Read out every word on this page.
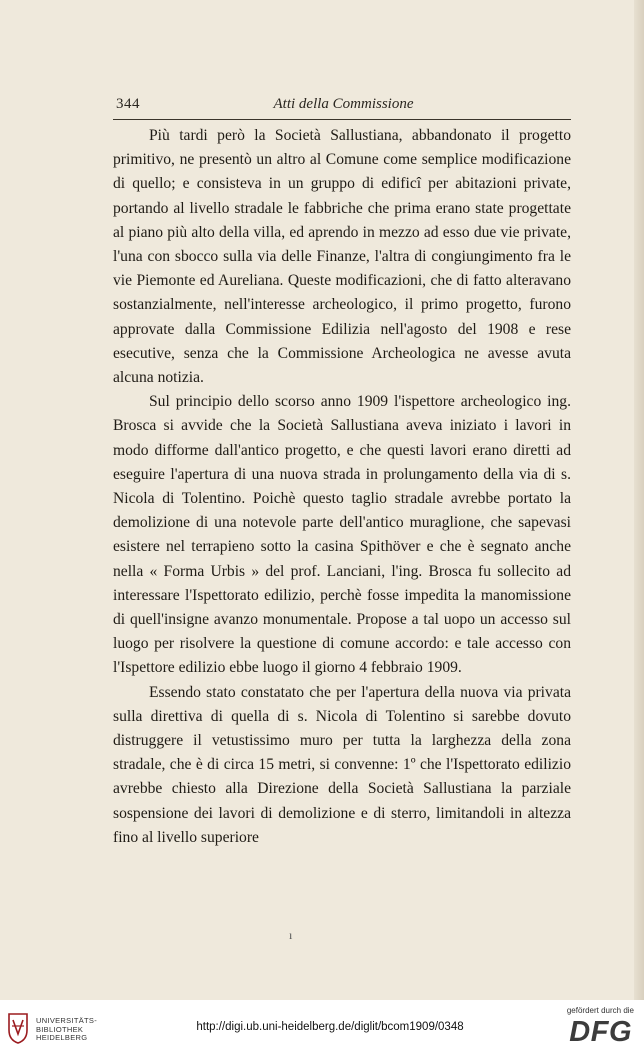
344	Atti della Commissione

Più tardi però la Società Sallustiana, abbandonato il progetto primitivo, ne presentò un altro al Comune come semplice modificazione di quello; e consisteva in un gruppo di edificî per abitazioni private, portando al livello stradale le fabbriche che prima erano state progettate al piano più alto della villa, ed aprendo in mezzo ad esso due vie private, l'una con sbocco sulla via delle Finanze, l'altra di congiungimento fra le vie Piemonte ed Aureliana. Queste modificazioni, che di fatto alteravano sostanzialmente, nell'interesse archeologico, il primo progetto, furono approvate dalla Commissione Edilizia nell'agosto del 1908 e rese esecutive, senza che la Commissione Archeologica ne avesse avuta alcuna notizia.

Sul principio dello scorso anno 1909 l'ispettore archeologico ing. Brosca si avvide che la Società Sallustiana aveva iniziato i lavori in modo difforme dall'antico progetto, e che questi lavori erano diretti ad eseguire l'apertura di una nuova strada in prolungamento della via di s. Nicola di Tolentino. Poichè questo taglio stradale avrebbe portato la demolizione di una notevole parte dell'antico muraglione, che sapevasi esistere nel terrapieno sotto la casina Spithöver e che è segnato anche nella « Forma Urbis » del prof. Lanciani, l'ing. Brosca fu sollecito ad interessare l'Ispettorato edilizio, perchè fosse impedita la manomissione di quell'insigne avanzo monumentale. Propose a tal uopo un accesso sul luogo per risolvere la questione di comune accordo: e tale accesso con l'Ispettore edilizio ebbe luogo il giorno 4 febbraio 1909.

Essendo stato constatato che per l'apertura della nuova via privata sulla direttiva di quella di s. Nicola di Tolentino si sarebbe dovuto distruggere il vetustissimo muro per tutta la larghezza della zona stradale, che è di circa 15 metri, si convenne: 1º che l'Ispettorato edilizio avrebbe chiesto alla Direzione della Società Sallustiana la parziale sospensione dei lavori di demolizione e di sterro, limitandoli in altezza fino al livello superiore

ı
UNIVERSITÄTS-
BIBLIOTHEK
HEIDELBERG
http://digi.ub.uni-heidelberg.de/diglit/bcom1909/0348
gefördert durch die
DFG
